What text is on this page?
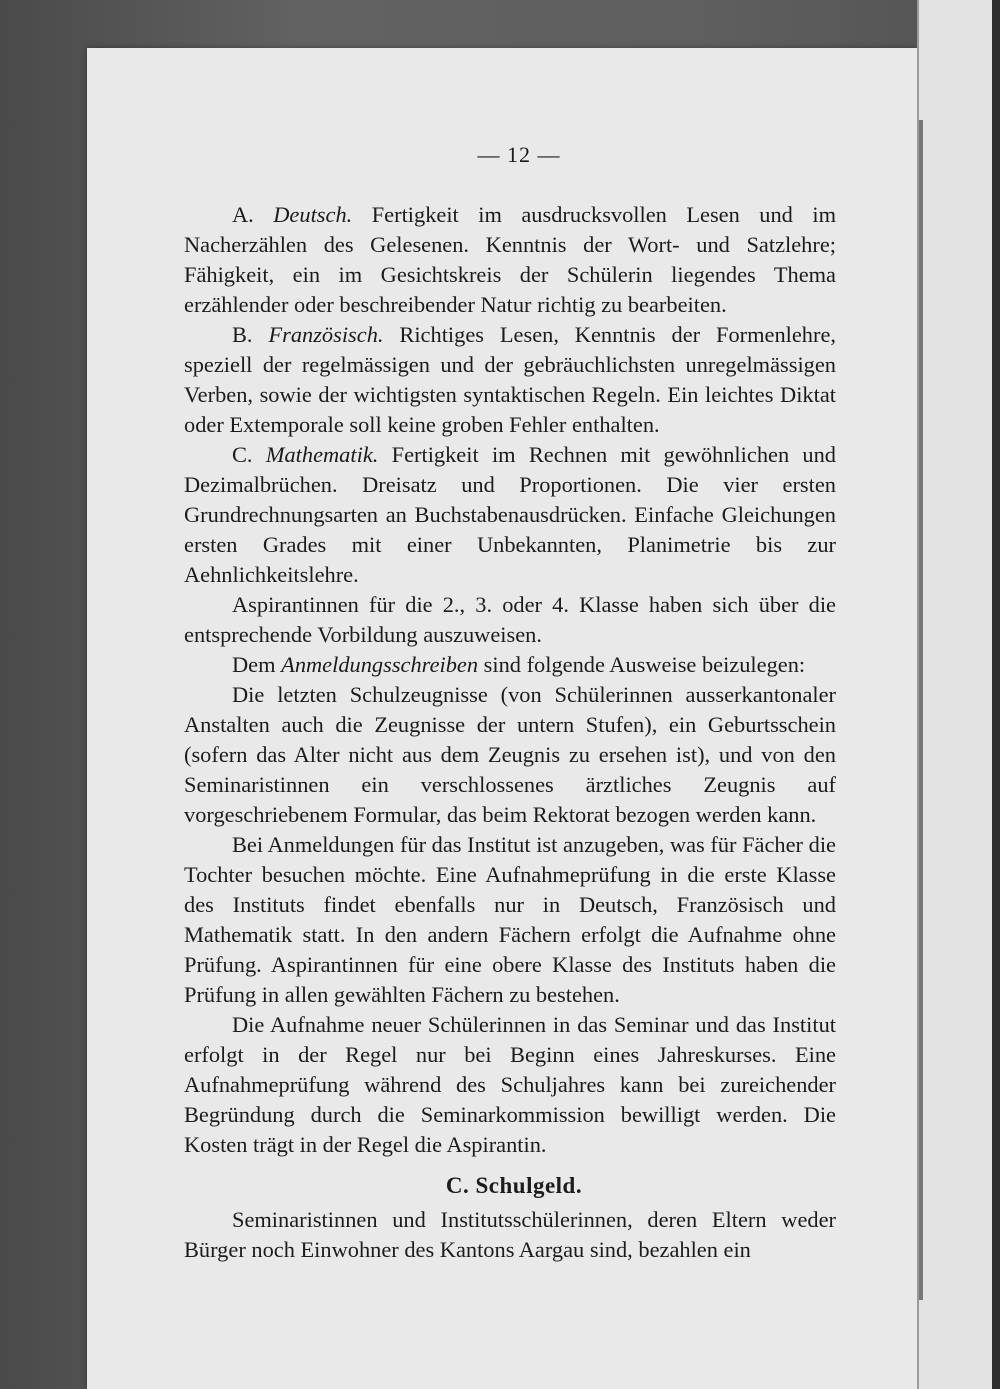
— 12 —

A. Deutsch. Fertigkeit im ausdrucksvollen Lesen und im Nacherzählen des Gelesenen. Kenntnis der Wort- und Satzlehre; Fähigkeit, ein im Gesichtskreis der Schülerin liegendes Thema erzählender oder beschreibender Natur richtig zu bearbeiten.

B. Französisch. Richtiges Lesen, Kenntnis der Formenlehre, speziell der regelmässigen und der gebräuchlichsten unregelmässigen Verben, sowie der wichtigsten syntaktischen Regeln. Ein leichtes Diktat oder Extemporale soll keine groben Fehler enthalten.

C. Mathematik. Fertigkeit im Rechnen mit gewöhnlichen und Dezimalbrüchen. Dreisatz und Proportionen. Die vier ersten Grundrechnungsarten an Buchstabenausdrücken. Einfache Gleichungen ersten Grades mit einer Unbekannten, Planimetrie bis zur Aehnlichkeitslehre.

Aspirantinnen für die 2., 3. oder 4. Klasse haben sich über die entsprechende Vorbildung auszuweisen.

Dem Anmeldungsschreiben sind folgende Ausweise beizulegen:

Die letzten Schulzeugnisse (von Schülerinnen ausserkantonaler Anstalten auch die Zeugnisse der untern Stufen), ein Geburtsschein (sofern das Alter nicht aus dem Zeugnis zu ersehen ist), und von den Seminaristinnen ein verschlossenes ärztliches Zeugnis auf vorgeschriebenem Formular, das beim Rektorat bezogen werden kann.

Bei Anmeldungen für das Institut ist anzugeben, was für Fächer die Tochter besuchen möchte. Eine Aufnahmeprüfung in die erste Klasse des Instituts findet ebenfalls nur in Deutsch, Französisch und Mathematik statt. In den andern Fächern erfolgt die Aufnahme ohne Prüfung. Aspirantinnen für eine obere Klasse des Instituts haben die Prüfung in allen gewählten Fächern zu bestehen.

Die Aufnahme neuer Schülerinnen in das Seminar und das Institut erfolgt in der Regel nur bei Beginn eines Jahreskurses. Eine Aufnahmeprüfung während des Schuljahres kann bei zureichender Begründung durch die Seminarkommission bewilligt werden. Die Kosten trägt in der Regel die Aspirantin.

C. Schulgeld.

Seminaristinnen und Institutsschülerinnen, deren Eltern weder Bürger noch Einwohner des Kantons Aargau sind, bezahlen ein
